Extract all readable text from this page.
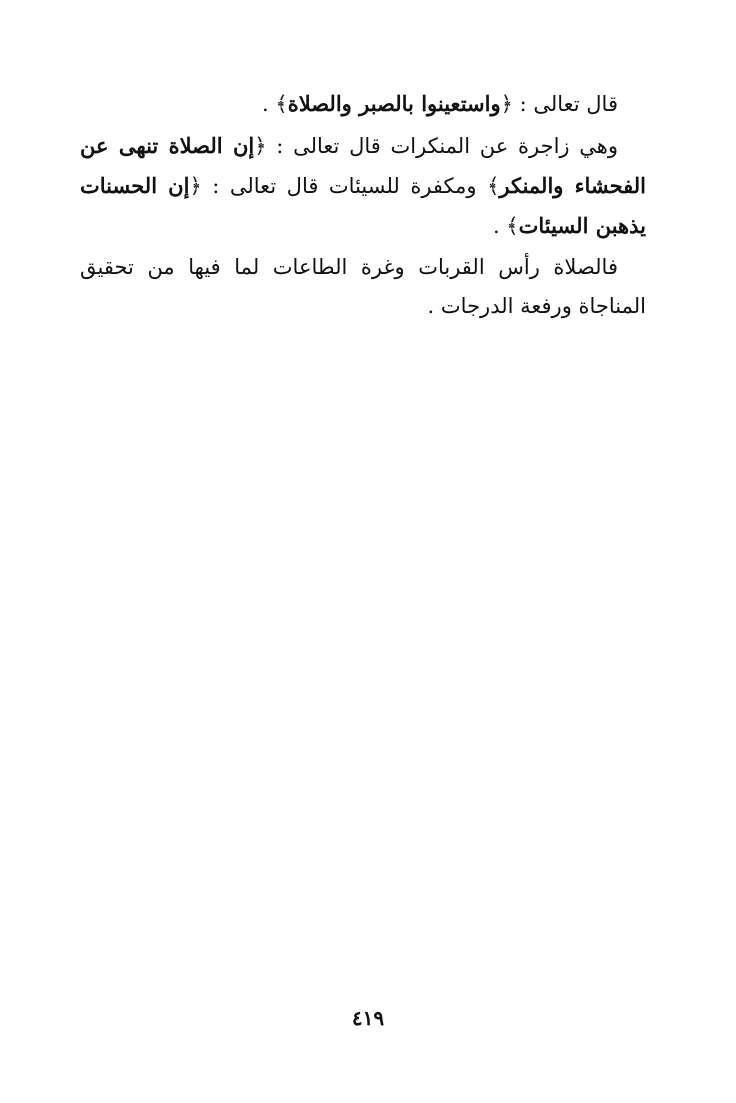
قال تعالى : ﴿واستعينوا بالصبر والصلاة﴾ .

وهي زاجرة عن المنكرات قال تعالى : ﴿إن الصلاة تنهى عن الفحشاء والمنكر﴾ ومكفرة للسيئات قال تعالى : ﴿إن الحسنات يذهبن السيئات﴾ .

فالصلاة رأس القربات وغرة الطاعات لما فيها من تحقيق المناجاة ورفعة الدرجات .

٤١٩
